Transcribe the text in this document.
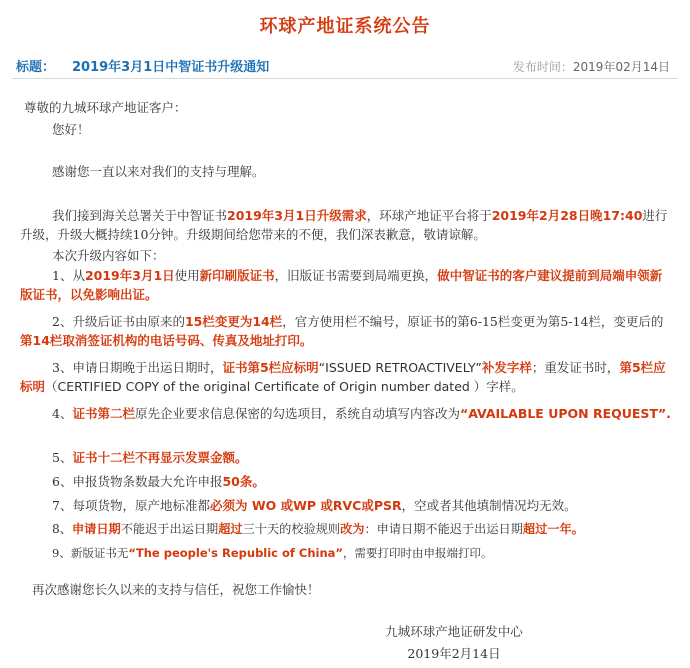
环球产地证系统公告
标题： 2019年3月1日中智证书升级通知	发布时间：2019年02月14日
尊敬的九城环球产地证客户：
您好！
感谢您一直以来对我们的支持与理解。
我们接到海关总署关于中智证书2019年3月1日升级需求，环球产地证平台将于2019年2月28日晚17:40进行升级，升级大概持续10分钟。升级期间给您带来的不便，我们深表歉意，敬请谅解。
本次升级内容如下：
1、从2019年3月1日使用新印刷版证书，旧版证书需要到局端更换，做中智证书的客户建议提前到局端申领新版证书，以免影响出证。
2、升级后证书由原来的15栏变更为14栏，官方使用栏不编号，原证书的第6-15栏变更为第5-14栏，变更后的第14栏取消签证机构的电话号码、传真及地址打印。
3、申请日期晚于出运日期时，证书第5栏应标明“ISSUED RETROACTIVELY”补发字样；重发证书时，第5栏应标明（CERTIFIED COPY of the original Certificate of Origin number dated ）字样。
4、证书第二栏原先企业要求信息保密的勾选项目，系统自动填写内容改为“AVAILABLE UPON REQUEST”.
5、证书十二栏不再显示发票金额。
6、申报货物条数最大允许申报50条。
7、每项货物，原产地标准都必须为 WO 或WP 或RVC或PSR，空或者其他填制情况均无效。
8、申请日期不能迟于出运日期超过三十天的校验规则改为：申请日期不能迟于出运日期超过一年。
9、新版证书无“The people's Republic of China”，需要打印时由申报端打印。
再次感谢您长久以来的支持与信任，祝您工作愉快！
九城环球产地证研发中心
2019年2月14日
